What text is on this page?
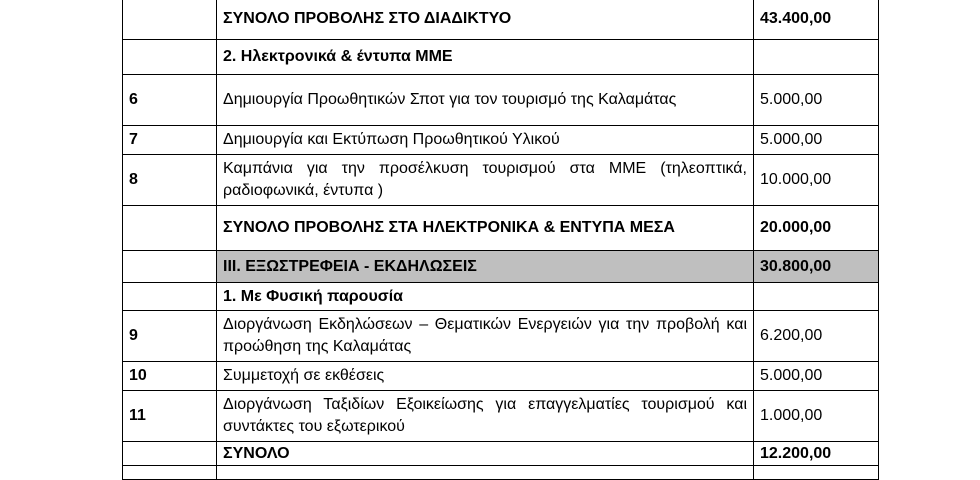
	ΣΥΝΟΛΟ ΠΡΟΒΟΛΗΣ ΣΤΟ ΔΙΑΔΙΚΤΥΟ	43.400,00
	2. Ηλεκτρονικά & έντυπα ΜΜΕ	
6	Δημιουργία Προωθητικών Σποτ για τον τουρισμό της Καλαμάτας	5.000,00
7	Δημιουργία και Εκτύπωση Προωθητικού Υλικού	5.000,00
8	Καμπάνια για την προσέλκυση τουρισμού στα ΜΜΕ (τηλεοπτικά, ραδιοφωνικά, έντυπα )	10.000,00
	ΣΥΝΟΛΟ ΠΡΟΒΟΛΗΣ ΣΤΑ ΗΛΕΚΤΡΟΝΙΚΑ & ΕΝΤΥΠΑ ΜΕΣΑ	20.000,00
	ΙΙΙ. ΕΞΩΣΤΡΕΦΕΙΑ - ΕΚΔΗΛΩΣΕΙΣ	30.800,00
	1. Με Φυσική παρουσία	
9	Διοργάνωση Εκδηλώσεων – Θεματικών Ενεργειών για την προβολή και προώθηση της Καλαμάτας	6.200,00
10	Συμμετοχή σε εκθέσεις	5.000,00
11	Διοργάνωση Ταξιδίων Εξοικείωσης για επαγγελματίες τουρισμού και συντάκτες του εξωτερικού	1.000,00
	ΣΥΝΟΛΟ	12.200,00
